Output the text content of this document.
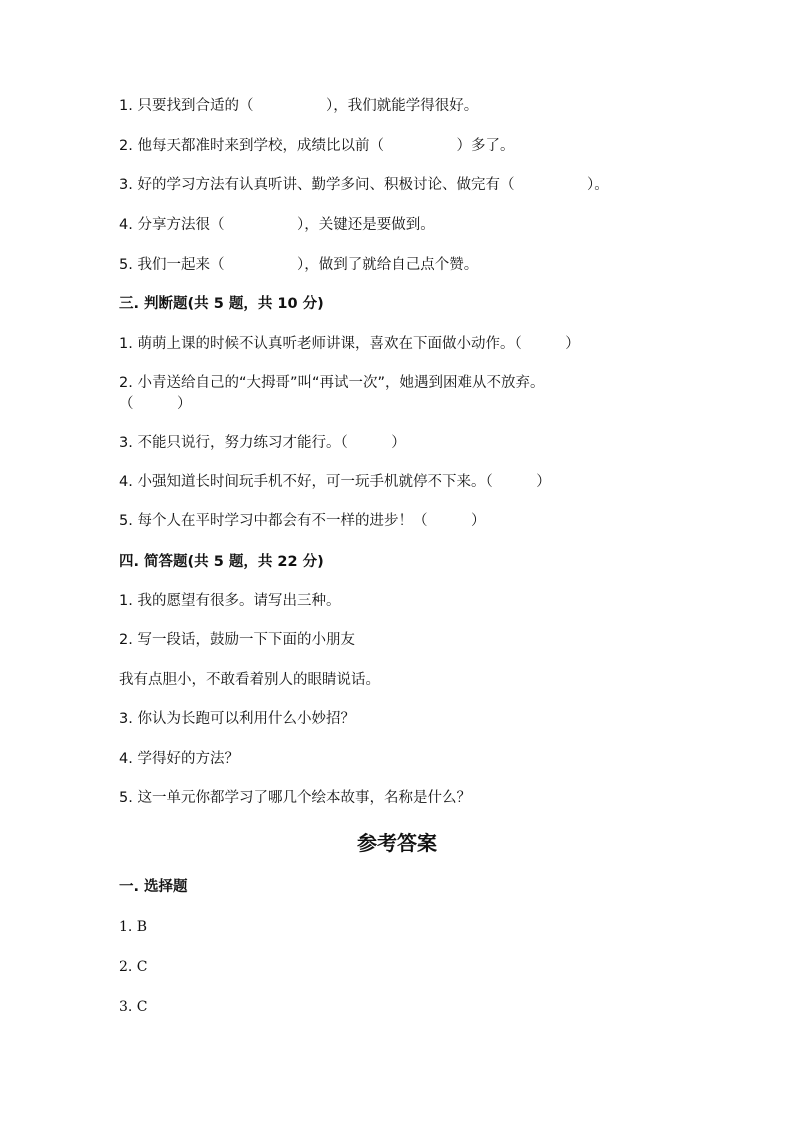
1. 只要找到合适的（　　　　　），我们就能学得很好。
2. 他每天都准时来到学校，成绩比以前（　　　　　）多了。
3. 好的学习方法有认真听讲、勤学多问、积极讨论、做完有（　　　　　）。
4. 分享方法很（　　　　　），关键还是要做到。
5. 我们一起来（　　　　　），做到了就给自己点个赞。
三. 判断题(共 5 题，共 10 分)
1. 萌萌上课的时候不认真听老师讲课，喜欢在下面做小动作。（　　　）
2. 小青送给自己的“大拇哥”叫“再试一次”，她遇到困难从不放弃。
（　　　）
3. 不能只说行，努力练习才能行。（　　　）
4. 小强知道长时间玩手机不好，可一玩手机就停不下来。（　　　）
5. 每个人在平时学习中都会有不一样的进步！（　　　）
四. 简答题(共 5 题，共 22 分)
1. 我的愿望有很多。请写出三种。
2. 写一段话，鼓励一下下面的小朋友
我有点胆小，不敢看着别人的眼睛说话。
3. 你认为长跑可以利用什么小妙招？
4. 学得好的方法？
5. 这一单元你都学习了哪几个绘本故事，名称是什么？
参考答案
一. 选择题
1. B
2. C
3. C
